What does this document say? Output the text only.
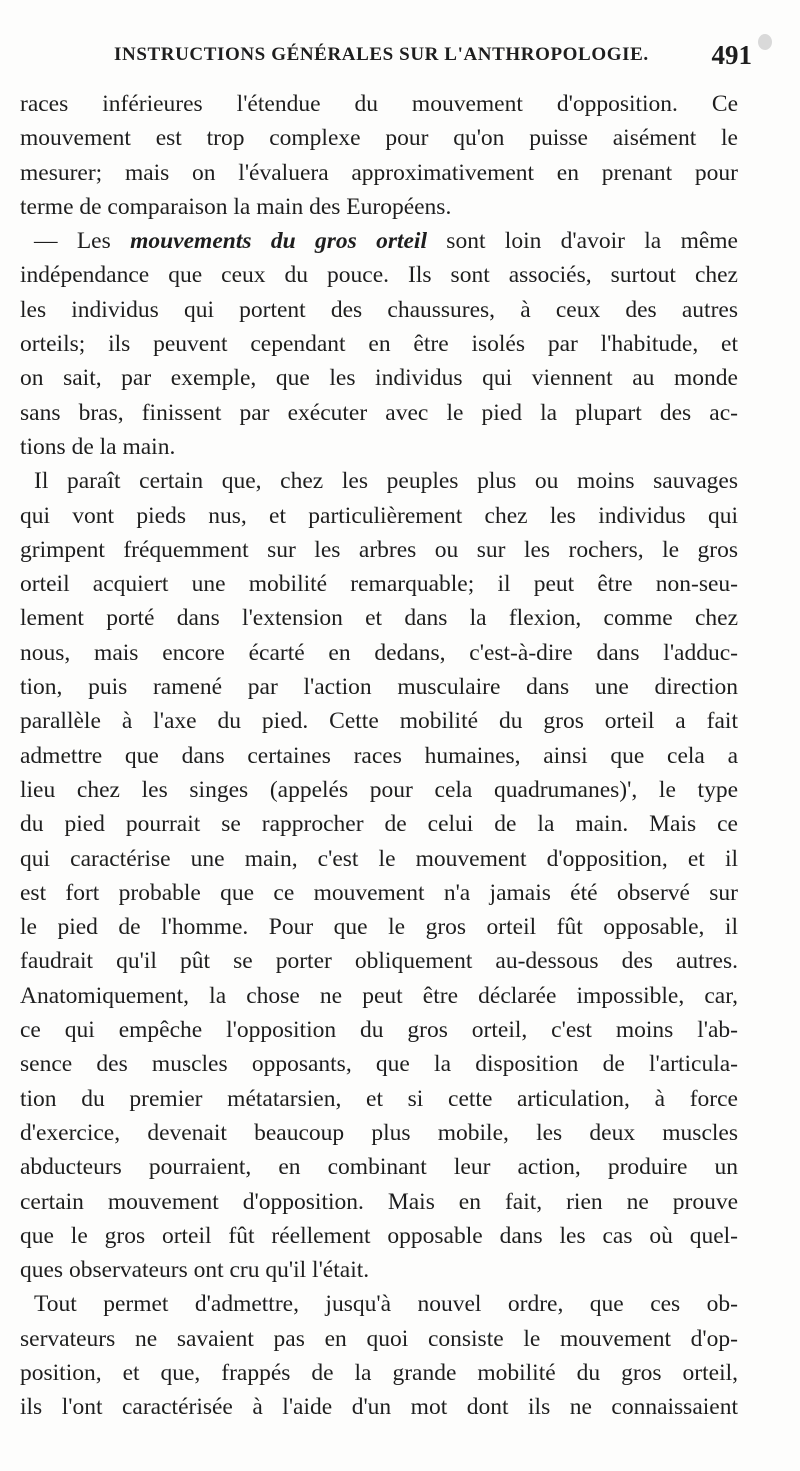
INSTRUCTIONS GÉNÉRALES SUR L'ANTHROPOLOGIE. 491
races inférieures l'étendue du mouvement d'opposition. Ce
mouvement est trop complexe pour qu'on puisse aisément le
mesurer; mais on l'évaluera approximativement en prenant pour
terme de comparaison la main des Européens.
— Les mouvements du gros orteil sont loin d'avoir la même
indépendance que ceux du pouce. Ils sont associés, surtout chez
les individus qui portent des chaussures, à ceux des autres
orteils; ils peuvent cependant en être isolés par l'habitude, et
on sait, par exemple, que les individus qui viennent au monde
sans bras, finissent par exécuter avec le pied la plupart des ac-
tions de la main.
Il paraît certain que, chez les peuples plus ou moins sauvages
qui vont pieds nus, et particulièrement chez les individus qui
grimpent fréquemment sur les arbres ou sur les rochers, le gros
orteil acquiert une mobilité remarquable; il peut être non-seu-
lement porté dans l'extension et dans la flexion, comme chez
nous, mais encore écarté en dedans, c'est-à-dire dans l'adduc-
tion, puis ramené par l'action musculaire dans une direction
parallèle à l'axe du pied. Cette mobilité du gros orteil a fait
admettre que dans certaines races humaines, ainsi que cela a
lieu chez les singes (appelés pour cela quadrumanes)', le type
du pied pourrait se rapprocher de celui de la main. Mais ce
qui caractérise une main, c'est le mouvement d'opposition, et il
est fort probable que ce mouvement n'a jamais été observé sur
le pied de l'homme. Pour que le gros orteil fût opposable, il
faudrait qu'il pût se porter obliquement au-dessous des autres.
Anatomiquement, la chose ne peut être déclarée impossible, car,
ce qui empêche l'opposition du gros orteil, c'est moins l'ab-
sence des muscles opposants, que la disposition de l'articula-
tion du premier métatarsien, et si cette articulation, à force
d'exercice, devenait beaucoup plus mobile, les deux muscles
abducteurs pourraient, en combinant leur action, produire un
certain mouvement d'opposition. Mais en fait, rien ne prouve
que le gros orteil fût réellement opposable dans les cas où quel-
ques observateurs ont cru qu'il l'était.
Tout permet d'admettre, jusqu'à nouvel ordre, que ces ob-
servateurs ne savaient pas en quoi consiste le mouvement d'op-
position, et que, frappés de la grande mobilité du gros orteil,
ils l'ont caractérisée à l'aide d'un mot dont ils ne connaissaient
